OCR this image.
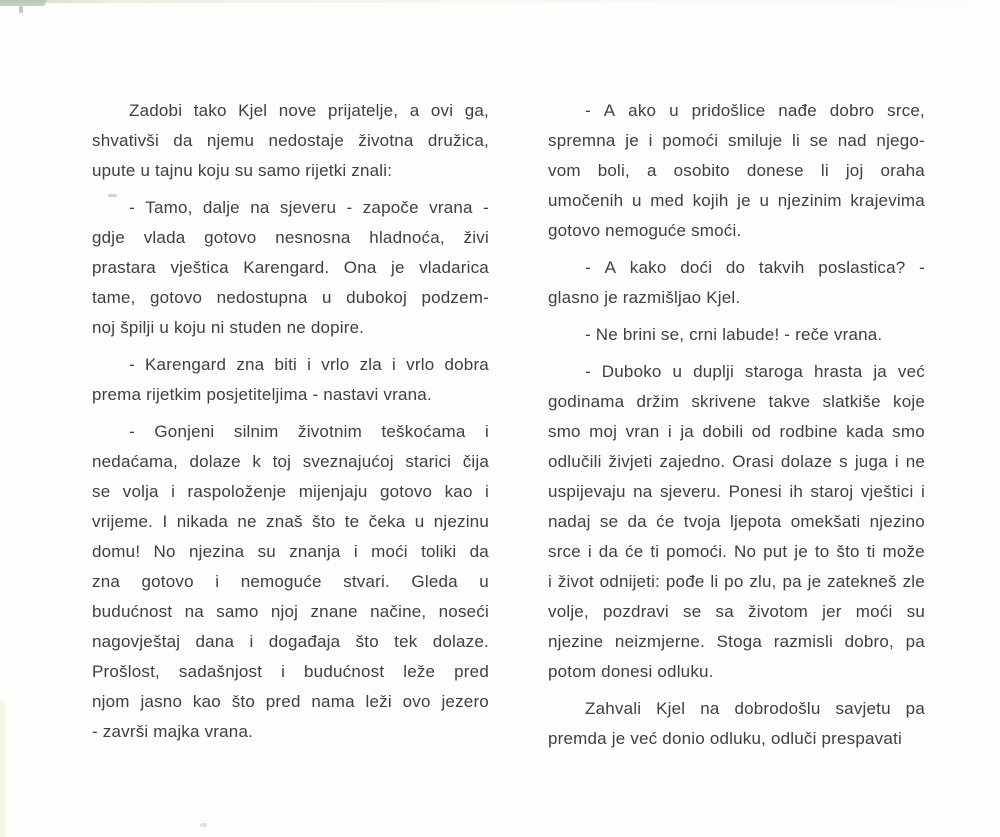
Zadobi tako Kjel nove prijatelje, a ovi ga,
shvativši da njemu nedostaje životna družica,
upute u tajnu koju su samo rijetki znali:
- Tamo, dalje na sjeveru - započe vrana -
gdje vlada gotovo nesnosna hladnoća, živi
prastara vještica Karengard. Ona je vladarica
tame, gotovo nedostupna u dubokoj podzem-
noj špilji u koju ni studen ne dopire.
- Karengard zna biti i vrlo zla i vrlo dobra
prema rijetkim posjetiteljima - nastavi vrana.
- Gonjeni silnim životnim teškoćama i
nedaćama, dolaze k toj sveznajućoj starici čija
se volja i raspoloženje mijenjaju gotovo kao i
vrijeme. I nikada ne znaš što te čeka u njezinu
domu! No njezina su znanja i moći toliki da
zna gotovo i nemoguće stvari. Gleda u
budućnost na samo njoj znane načine, noseći
nagovještaj dana i događaja što tek dolaze.
Prošlost, sadašnjost i budućnost leže pred
njom jasno kao što pred nama leži ovo jezero
- završi majka vrana.
- A ako u pridošlice nađe dobro srce,
spremna je i pomoći smiluje li se nad njego-
vom boli, a osobito donese li joj oraha
umočenih u med kojih je u njezinim krajevima
gotovo nemoguće smoći.
- A kako doći do takvih poslastica? -
glasno je razmišljao Kjel.
- Ne brini se, crni labude! - reče vrana.
- Duboko u duplji staroga hrasta ja već
godinama držim skrivene takve slatkiše koje
smo moj vran i ja dobili od rodbine kada smo
odlučili živjeti zajedno. Orasi dolaze s juga i ne
uspijevaju na sjeveru. Ponesi ih staroj vještici i
nadaj se da će tvoja ljepota omekšati njezino
srce i da će ti pomoći. No put je to što ti može
i život odnijeti: pođe li po zlu, pa je zatekneš zle
volje, pozdravi se sa životom jer moći su
njezine neizmjerne. Stoga razmisli dobro, pa
potom donesi odluku.
Zahvali Kjel na dobrodošlu savjetu pa
premda je već donio odluku, odluči prespavati
